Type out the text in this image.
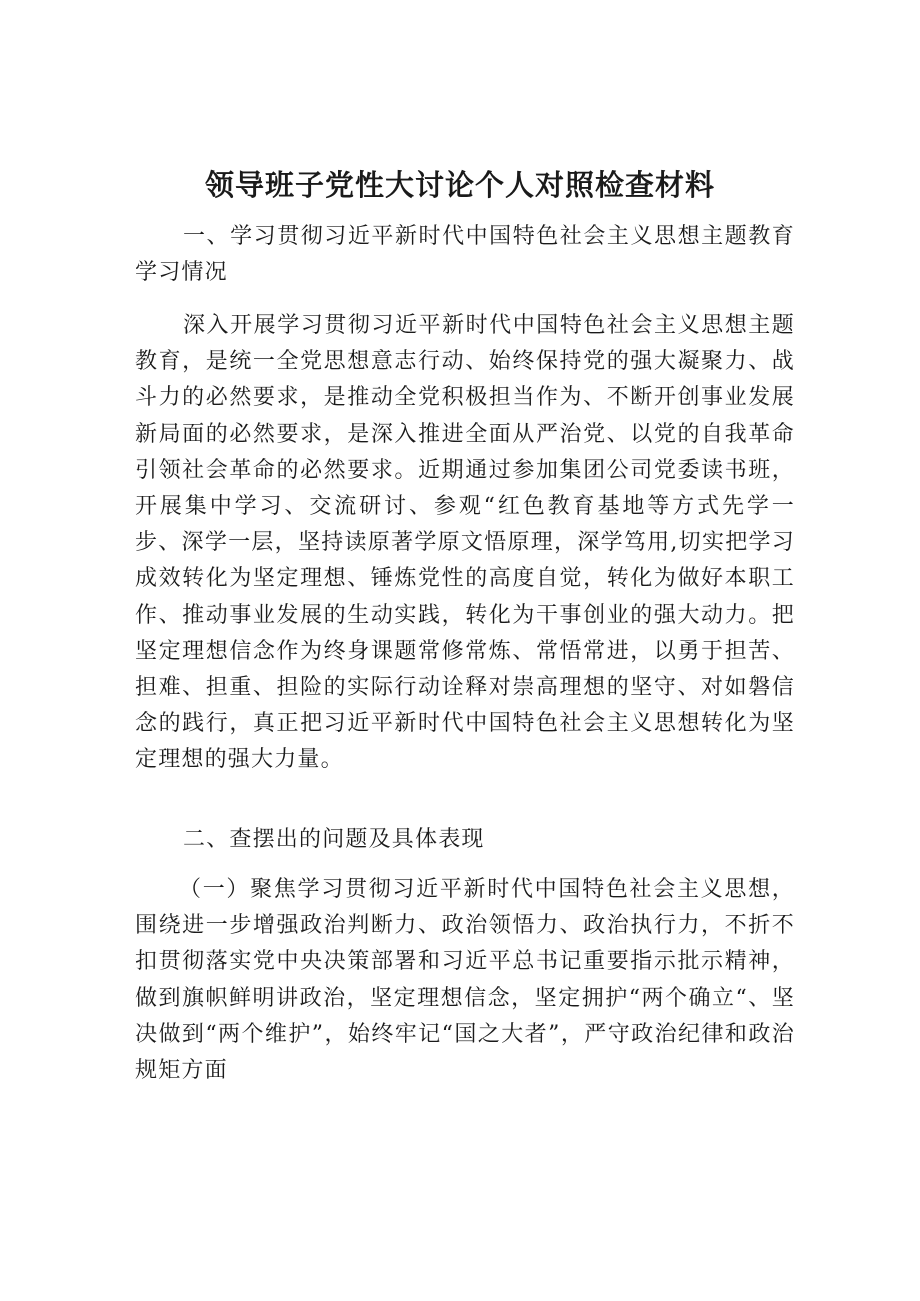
领导班子党性大讨论个人对照检查材料

一、学习贯彻习近平新时代中国特色社会主义思想主题教育学习情况

深入开展学习贯彻习近平新时代中国特色社会主义思想主题教育，是统一全党思想意志行动、始终保持党的强大凝聚力、战斗力的必然要求，是推动全党积极担当作为、不断开创事业发展新局面的必然要求，是深入推进全面从严治党、以党的自我革命引领社会革命的必然要求。近期通过参加集团公司党委读书班，开展集中学习、交流研讨、参观“红色教育基地等方式先学一步、深学一层，坚持读原著学原文悟原理，深学笃用,切实把学习成效转化为坚定理想、锤炼党性的高度自觉，转化为做好本职工作、推动事业发展的生动实践，转化为干事创业的强大动力。把坚定理想信念作为终身课题常修常炼、常悟常进，以勇于担苦、担难、担重、担险的实际行动诠释对崇高理想的坚守、对如磐信念的践行，真正把习近平新时代中国特色社会主义思想转化为坚定理想的强大力量。

二、查摆出的问题及具体表现

（一）聚焦学习贯彻习近平新时代中国特色社会主义思想，围绕进一步增强政治判断力、政治领悟力、政治执行力，不折不扣贯彻落实党中央决策部署和习近平总书记重要指示批示精神，做到旗帜鲜明讲政治，坚定理想信念，坚定拥护“两个确立“、坚决做到“两个维护”，始终牢记“国之大者”，严守政治纪律和政治规矩方面
